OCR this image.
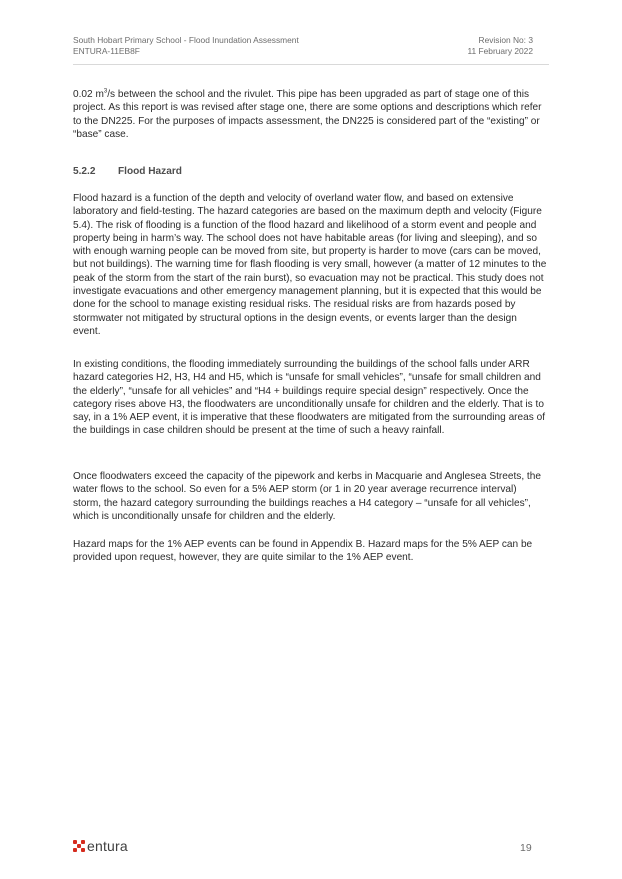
South Hobart Primary School - Flood Inundation Assessment
ENTURA-11EB8F
Revision No: 3
11 February 2022

0.02 $m^3/s$ between the school and the rivulet. This pipe has been upgraded as part of stage one of this project. As this report is was revised after stage one, there are some options and descriptions which refer to the DN225. For the purposes of impacts assessment, the DN225 is considered part of the “existing” or “base” case.

5.2.2 Flood Hazard

Flood hazard is a function of the depth and velocity of overland water flow, and based on extensive laboratory and field-testing. The hazard categories are based on the maximum depth and velocity (Figure 5.4). The risk of flooding is a function of the flood hazard and likelihood of a storm event and people and property being in harm’s way. The school does not have habitable areas (for living and sleeping), and so with enough warning people can be moved from site, but property is harder to move (cars can be moved, but not buildings). The warning time for flash flooding is very small, however (a matter of 12 minutes to the peak of the storm from the start of the rain burst), so evacuation may not be practical. This study does not investigate evacuations and other emergency management planning, but it is expected that this would be done for the school to manage existing residual risks. The residual risks are from hazards posed by stormwater not mitigated by structural options in the design events, or events larger than the design event.

In existing conditions, the flooding immediately surrounding the buildings of the school falls under ARR hazard categories H2, H3, H4 and H5, which is “unsafe for small vehicles”, “unsafe for small children and the elderly”, “unsafe for all vehicles” and “H4 + buildings require special design” respectively. Once the category rises above H3, the floodwaters are unconditionally unsafe for children and the elderly. That is to say, in a 1% AEP event, it is imperative that these floodwaters are mitigated from the surrounding areas of the buildings in case children should be present at the time of such a heavy rainfall.

Once floodwaters exceed the capacity of the pipework and kerbs in Macquarie and Anglesea Streets, the water flows to the school. So even for a 5% AEP storm (or 1 in 20 year average recurrence interval) storm, the hazard category surrounding the buildings reaches a H4 category – “unsafe for all vehicles”, which is unconditionally unsafe for children and the elderly.

Hazard maps for the 1% AEP events can be found in Appendix B. Hazard maps for the 5% AEP can be provided upon request, however, they are quite similar to the 1% AEP event.

entura	19
